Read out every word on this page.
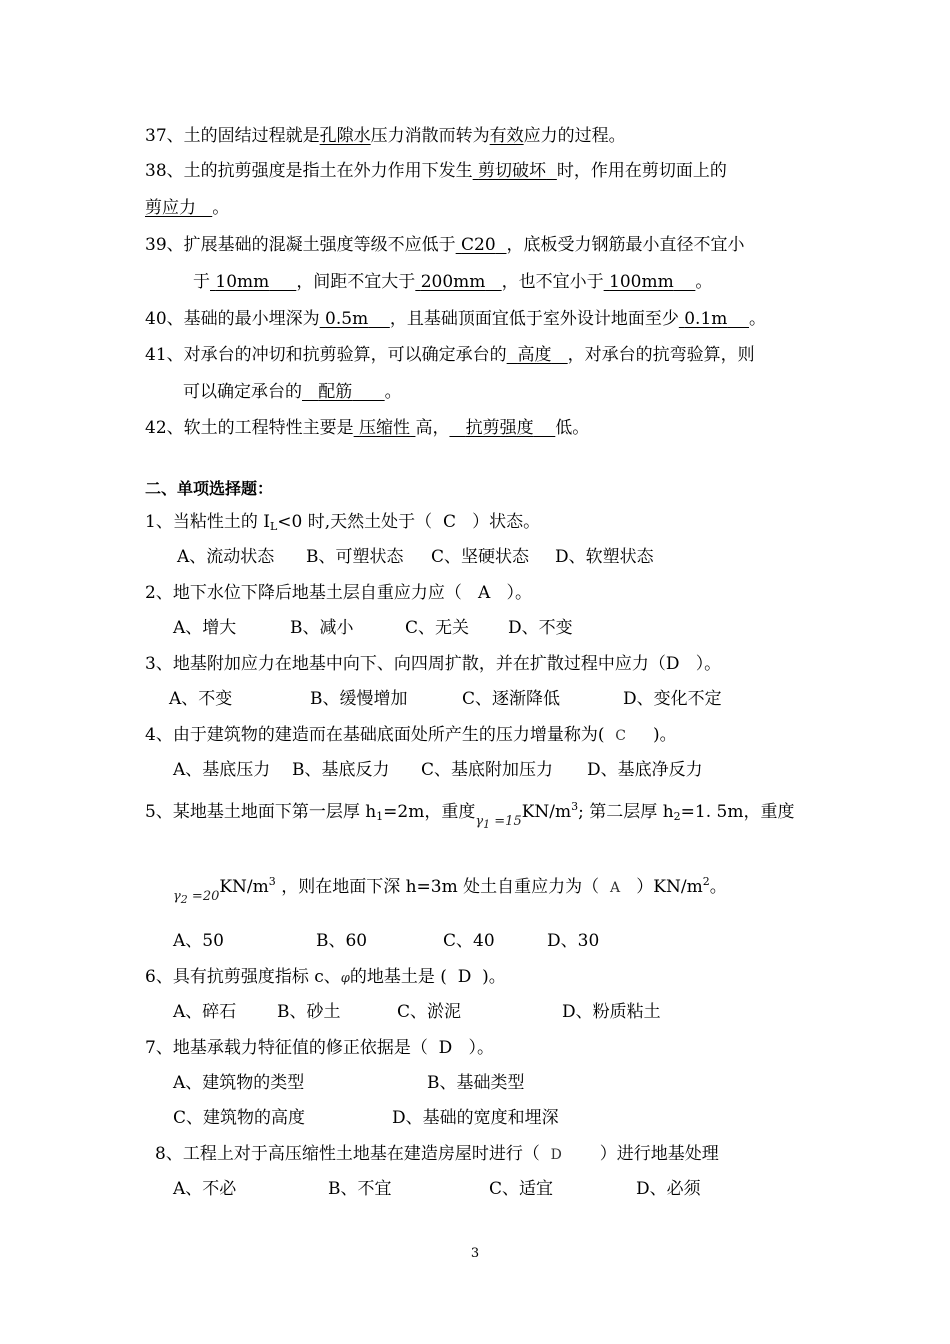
37、土的固结过程就是孔隙水压力消散而转为有效应力的过程。
38、土的抗剪强度是指土在外力作用下发生 剪切破坏 时，作用在剪切面上的
剪应力 。
39、扩展基础的混凝土强度等级不应低于 C20 ，底板受力钢筋最小直径不宜小
于 10mm ，间距不宜大于 200mm ，也不宜小于 100mm 。
40、基础的最小埋深为 0.5m ，且基础顶面宜低于室外设计地面至少 0.1m 。
41、对承台的冲切和抗剪验算，可以确定承台的 高度 ，对承台的抗弯验算，则
可以确定承台的 配筋 。
42、软土的工程特性主要是 压缩性 高， 抗剪强度 低。
二、单项选择题：
1、当粘性土的 $I_L<0$ 时,天然土处于（ C ）状态。
A、流动状态 B、可塑状态 C、坚硬状态 D、软塑状态
2、地下水位下降后地基土层自重应力应（ A ）。
A、增大	B、减小	C、无关 D、不变
3、地基附加应力在地基中向下、向四周扩散，并在扩散过程中应力（D ）。
A、不变	B、缓慢增加	C、逐渐降低	D、变化不定
4、由于建筑物的建造而在基础底面处所产生的压力增量称为( C )。
A、基底压力 B、基底反力 C、基底附加压力 D、基底净反力
5、某地基土地面下第一层厚 $h_1=2m$，重度$_{\gamma_1 =15}KN/m^3$; 第二层厚 $h_2=1$. 5m，重度
$_{\gamma_2 =20}KN/m^3$ ，则在地面下深 h=3m 处土自重应力为（ A ）$KN/m^2$。
A、50	B、60	C、40	D、30
6、具有抗剪强度指标 c、φ的地基土是 ( D )。
A、碎石 B、砂土	C、淤泥	D、粉质粘土
7、地基承载力特征值的修正依据是（ D ）。
A、建筑物的类型	B、基础类型
C、建筑物的高度	D、基础的宽度和埋深
8、工程上对于高压缩性土地基在建造房屋时进行（ D ）进行地基处理
A、不必	B、不宜	C、适宜	D、必须
3
